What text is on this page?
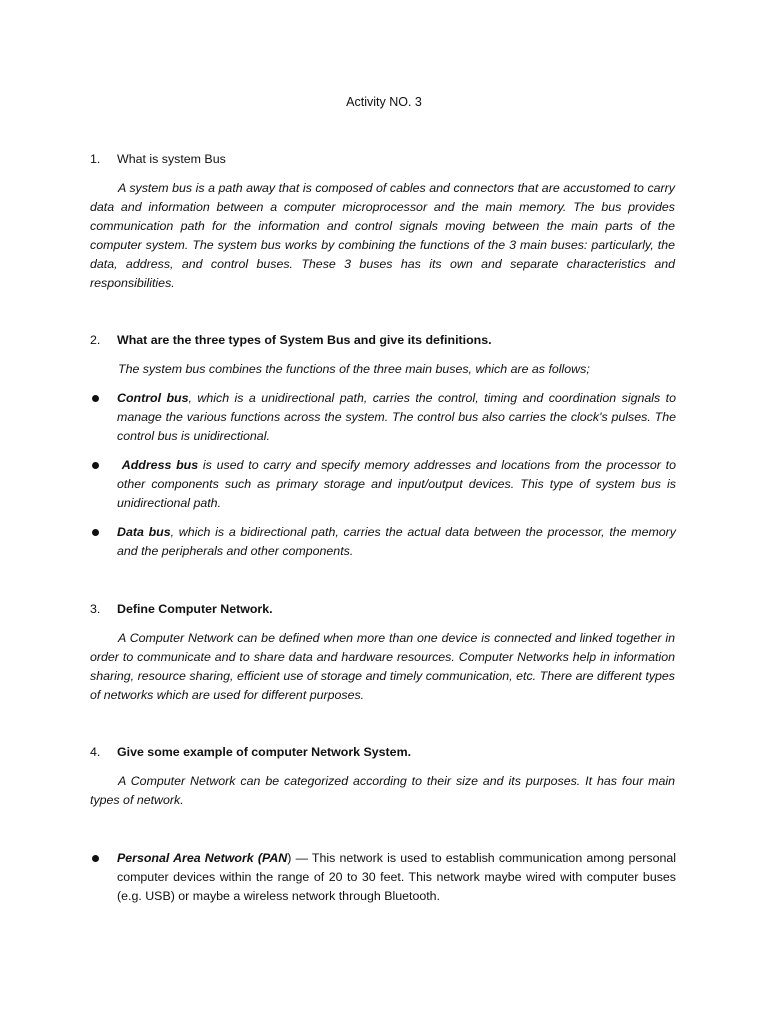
Activity NO. 3
1. What is system Bus
A system bus is a path away that is composed of cables and connectors that are accustomed to carry data and information between a computer microprocessor and the main memory. The bus provides communication path for the information and control signals moving between the main parts of the computer system. The system bus works by combining the functions of the 3 main buses: particularly, the data, address, and control buses. These 3 buses has its own and separate characteristics and responsibilities.
2. What are the three types of System Bus and give its definitions.
The system bus combines the functions of the three main buses, which are as follows;
Control bus, which is a unidirectional path, carries the control, timing and coordination signals to manage the various functions across the system. The control bus also carries the clock's pulses. The control bus is unidirectional.
Address bus is used to carry and specify memory addresses and locations from the processor to other components such as primary storage and input/output devices. This type of system bus is unidirectional path.
Data bus, which is a bidirectional path, carries the actual data between the processor, the memory and the peripherals and other components.
3. Define Computer Network.
A Computer Network can be defined when more than one device is connected and linked together in order to communicate and to share data and hardware resources. Computer Networks help in information sharing, resource sharing, efficient use of storage and timely communication, etc. There are different types of networks which are used for different purposes.
4. Give some example of computer Network System.
A Computer Network can be categorized according to their size and its purposes. It has four main types of network.
Personal Area Network (PAN) — This network is used to establish communication among personal computer devices within the range of 20 to 30 feet. This network maybe wired with computer buses (e.g. USB) or maybe a wireless network through Bluetooth.
